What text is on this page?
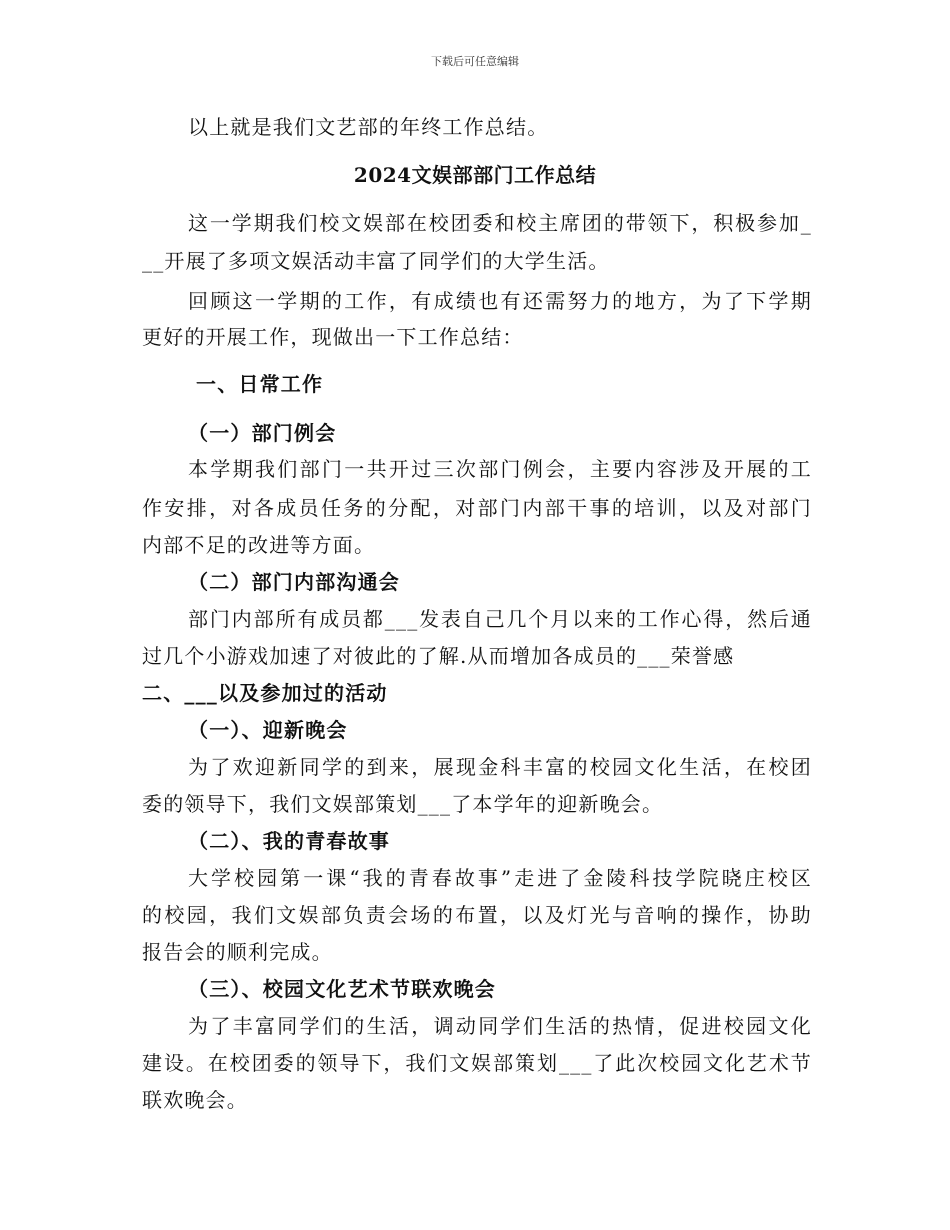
下载后可任意编辑
以上就是我们文艺部的年终工作总结。
2024文娱部部门工作总结
这一学期我们校文娱部在校团委和校主席团的带领下，积极参加_
__开展了多项文娱活动丰富了同学们的大学生活。
回顾这一学期的工作，有成绩也有还需努力的地方，为了下学期
更好的开展工作，现做出一下工作总结：
一、日常工作
（一）部门例会
本学期我们部门一共开过三次部门例会，主要内容涉及开展的工
作安排，对各成员任务的分配，对部门内部干事的培训，以及对部门
内部不足的改进等方面。
（二）部门内部沟通会
部门内部所有成员都___发表自己几个月以来的工作心得，然后通
过几个小游戏加速了对彼此的了解.从而增加各成员的___荣誉感
二、___以及参加过的活动
（一）、迎新晚会
为了欢迎新同学的到来，展现金科丰富的校园文化生活，在校团
委的领导下，我们文娱部策划___了本学年的迎新晚会。
（二）、我的青春故事
大学校园第一课“我的青春故事”走进了金陵科技学院晓庄校区
的校园，我们文娱部负责会场的布置，以及灯光与音响的操作，协助
报告会的顺利完成。
（三）、校园文化艺术节联欢晚会
为了丰富同学们的生活，调动同学们生活的热情，促进校园文化
建设。在校团委的领导下，我们文娱部策划___了此次校园文化艺术节
联欢晚会。
